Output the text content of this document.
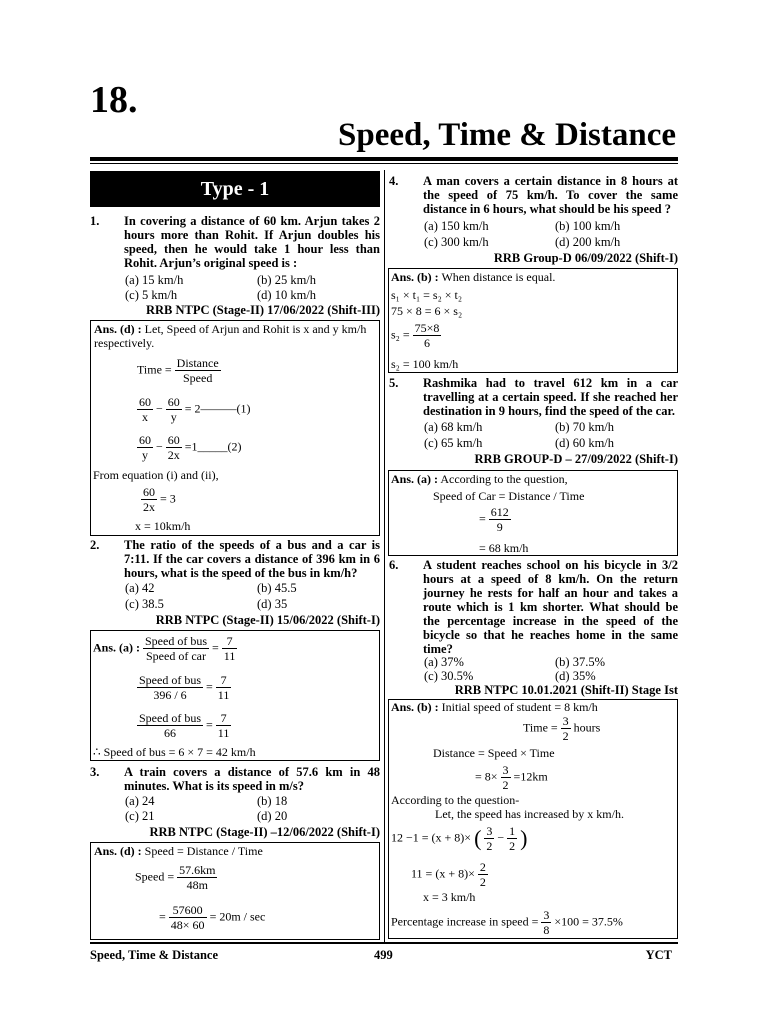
18.
Speed, Time & Distance
Type - 1
1. In covering a distance of 60 km. Arjun takes 2 hours more than Rohit. If Arjun doubles his speed, then he would take 1 hour less than Rohit. Arjun’s original speed is :
(a) 15 km/h	(b) 25 km/h
(c) 5 km/h	(d) 10 km/h
RRB NTPC (Stage-II) 17/06/2022 (Shift-III)
Ans. (d) : Let, Speed of Arjun and Rohit is x and y km/h respectively.
Time = $\frac{\text{Distance}}{\text{Speed}}$
$\frac{60}{x} - \frac{60}{y}$ = 2———(1)
$\frac{60}{y} - \frac{60}{2x}$ =1_____(2)
From equation (i) and (ii),
$\frac{60}{2x} = 3$
x = 10km/h
2. The ratio of the speeds of a bus and a car is 7:11. If the car covers a distance of 396 km in 6 hours, what is the speed of the bus in km/h?
(a) 42	(b) 45.5
(c) 38.5	(d) 35
RRB NTPC (Stage-II) 15/06/2022 (Shift-I)
Ans. (a) : $\frac{\text{Speed of bus}}{\text{Speed of car}} = \frac{7}{11}$
$\frac{\text{Speed of bus}}{396 / 6} = \frac{7}{11}$
$\frac{\text{Speed of bus}}{66} = \frac{7}{11}$
∴ Speed of bus = 6 × 7 = 42 km/h
3. A train covers a distance of 57.6 km in 48 minutes. What is its speed in m/s?
(a) 24	(b) 18
(c) 21	(d) 20
RRB NTPC (Stage-II) –12/06/2022 (Shift-I)
Ans. (d) : Speed = Distance / Time
Speed = $\frac{57.6km}{48m}$
= $\frac{57600}{48\times 60} = 20m / \sec$
4. A man covers a certain distance in 8 hours at the speed of 75 km/h. To cover the same distance in 6 hours, what should be his speed ?
(a) 150 km/h	(b) 100 km/h
(c) 300 km/h	(d) 200 km/h
RRB Group-D 06/09/2022 (Shift-I)
Ans. (b) : When distance is equal.
s₁ × t₁ = s₂ × t₂
75 × 8 = 6 × s₂
$s_2 = \frac{75\times 8}{6}$
s₂ = 100 km/h
5. Rashmika had to travel 612 km in a car travelling at a certain speed. If she reached her destination in 9 hours, find the speed of the car.
(a) 68 km/h	(b) 70 km/h
(c) 65 km/h	(d) 60 km/h
RRB GROUP-D – 27/09/2022 (Shift-I)
Ans. (a) : According to the question,
Speed of Car = Distance / Time
= $\frac{612}{9}$
= 68 km/h
6. A student reaches school on his bicycle in 3/2 hours at a speed of 8 km/h. On the return journey he rests for half an hour and takes a route which is 1 km shorter. What should be the percentage increase in the speed of the bicycle so that he reaches home in the same time?
(a) 37%	(b) 37.5%
(c) 30.5%	(d) 35%
RRB NTPC 10.01.2021 (Shift-II) Stage Ist
Ans. (b) : Initial speed of student = 8 km/h
Time = $\frac{3}{2}$ hours
Distance = Speed × Time
= $8\times \frac{3}{2} =12km$
According to the question-
Let, the speed has increased by x km/h.
12 −1 = (x + 8)× ( $\frac{3}{2} - \frac{1}{2}$ )
$11 = (x + 8)\times \frac{2}{2}$
x = 3 km/h
Percentage increase in speed = $\frac{3}{8} \times 100 = 37.5\%$
Speed, Time & Distance	499	YCT
